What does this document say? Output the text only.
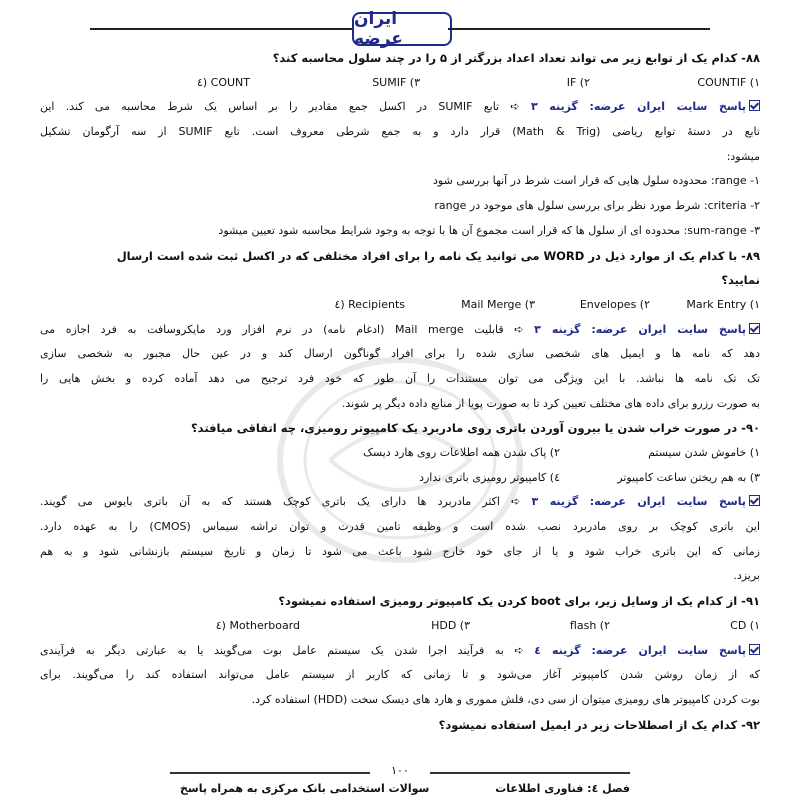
ایران عرضه
۸۸- کدام یک از توابع زیر می تواند تعداد اعداد بزرگتر از ۵ را در چند سلول محاسبه کند؟
COUNTIF (۱
IF (۲
SUMIF (۳
COUNT (٤
پاسخ سایت ایران عرضه: گزینه ۳ ➪ تابع SUMIF در اکسل جمع مقادیر را بر اساس یک شرط محاسبه می کند. این
تابع در دستهٔ توابع ریاضی (Math & Trig) قرار دارد و به جمع شرطی معروف است. تابع SUMIF از سه آرگومان تشکیل
میشود:
۱- range: محدوده سلول هایی که قرار است شرط در آنها بررسی شود
۲- criteria: شرط مورد نظر برای بررسی سلول های موجود در range
۳- sum-range: محدوده ای از سلول ها که قرار است مجموع آن ها با توجه به وجود شرایط محاسبه شود تعیین میشود
۸۹- با کدام یک از موارد ذیل در WORD می توانید یک نامه را برای افراد مختلفی که در اکسل ثبت شده است ارسال
نمایید؟
Mark Entry (۱
Envelopes (۲
Mail Merge (۳
Recipients (٤
پاسخ سایت ایران عرضه: گزینه ۳ ➪ قابلیت Mail merge (ادغام نامه) در نرم افزار ورد مایکروسافت به فرد اجازه می
دهد که نامه ها و ایمیل های شخصی سازی شده را برای افراد گوناگون ارسال کند و در عین حال مجبور به شخصی سازی
تک تک نامه ها نباشد. با این ویژگی می توان مستندات را آن طور که خود فرد ترجیح می دهد آماده کرده و بخش هایی را
به صورت رزرو برای داده های مختلف تعیین کرد تا به صورت پویا از منابع داده دیگر پر شوند.
۹۰- در صورت خراب شدن یا بیرون آوردن باتری روی مادربرد یک کامپیوتر رومیزی، چه اتفاقی میافتد؟
۱) خاموش شدن سیستم
۲) پاک شدن همه اطلاعات روی هارد دیسک
۳) به هم ریختن ساعت کامپیوتر
٤) کامپیوتر رومیزی باتری ندارد
پاسخ سایت ایران عرضه: گزینه ۳ ➪ اکثر مادربرد ها دارای یک باتری کوچک هستند که به آن باتری بایوس می گویند.
این باتری کوچک بر روی مادربرد نصب شده است و وظیفه تامین قدرت و توان تراشه سیماس (CMOS) را به عهده دارد.
زمانی که این باتری خراب شود و یا از جای خود خارج شود باعث می شود تا زمان و تاریخ سیستم بازنشانی شود و به هم
بریزد.
۹۱- از کدام یک از وسایل زیر، برای boot کردن یک کامپیوتر رومیزی استفاده نمیشود؟
CD (۱
flash (۲
HDD (۳
Motherboard (٤
پاسخ سایت ایران عرضه: گزینه ٤ ➪ به فرآیند اجرا شدن یک سیستم عامل بوت می‌گویند یا به عبارتی دیگر به فرآیندی
که از زمان روشن شدن کامپیوتر آغاز می‌شود و تا زمانی که کاربر از سیستم عامل می‌تواند استفاده کند را می‌گویند. برای
بوت کردن کامپیوتر های رومیزی میتوان از سی دی، فلش مموری و هارد های دیسک سخت (HDD) استفاده کرد.
۹۲- کدام یک از اصطلاحات زیر در ایمیل استفاده نمیشود؟
۱۰۰
سوالات استخدامی بانک مرکزی به همراه پاسخ	فصل ٤: فناوری اطلاعات
